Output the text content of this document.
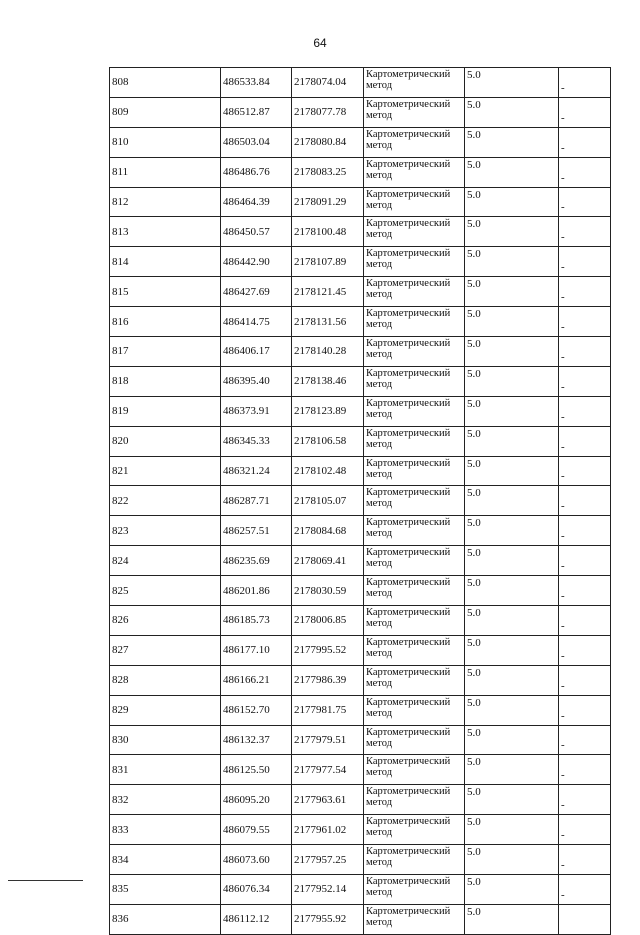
64
808	486533.84	2178074.04	Картометрический метод	5.0	-
809	486512.87	2178077.78	Картометрический метод	5.0	-
810	486503.04	2178080.84	Картометрический метод	5.0	-
811	486486.76	2178083.25	Картометрический метод	5.0	-
812	486464.39	2178091.29	Картометрический метод	5.0	-
813	486450.57	2178100.48	Картометрический метод	5.0	-
814	486442.90	2178107.89	Картометрический метод	5.0	-
815	486427.69	2178121.45	Картометрический метод	5.0	-
816	486414.75	2178131.56	Картометрический метод	5.0	-
817	486406.17	2178140.28	Картометрический метод	5.0	-
818	486395.40	2178138.46	Картометрический метод	5.0	-
819	486373.91	2178123.89	Картометрический метод	5.0	-
820	486345.33	2178106.58	Картометрический метод	5.0	-
821	486321.24	2178102.48	Картометрический метод	5.0	-
822	486287.71	2178105.07	Картометрический метод	5.0	-
823	486257.51	2178084.68	Картометрический метод	5.0	-
824	486235.69	2178069.41	Картометрический метод	5.0	-
825	486201.86	2178030.59	Картометрический метод	5.0	-
826	486185.73	2178006.85	Картометрический метод	5.0	-
827	486177.10	2177995.52	Картометрический метод	5.0	-
828	486166.21	2177986.39	Картометрический метод	5.0	-
829	486152.70	2177981.75	Картометрический метод	5.0	-
830	486132.37	2177979.51	Картометрический метод	5.0	-
831	486125.50	2177977.54	Картометрический метод	5.0	-
832	486095.20	2177963.61	Картометрический метод	5.0	-
833	486079.55	2177961.02	Картометрический метод	5.0	-
834	486073.60	2177957.25	Картометрический метод	5.0	-
835	486076.34	2177952.14	Картометрический метод	5.0	-
836	486112.12	2177955.92	Картометрический метод	5.0	
